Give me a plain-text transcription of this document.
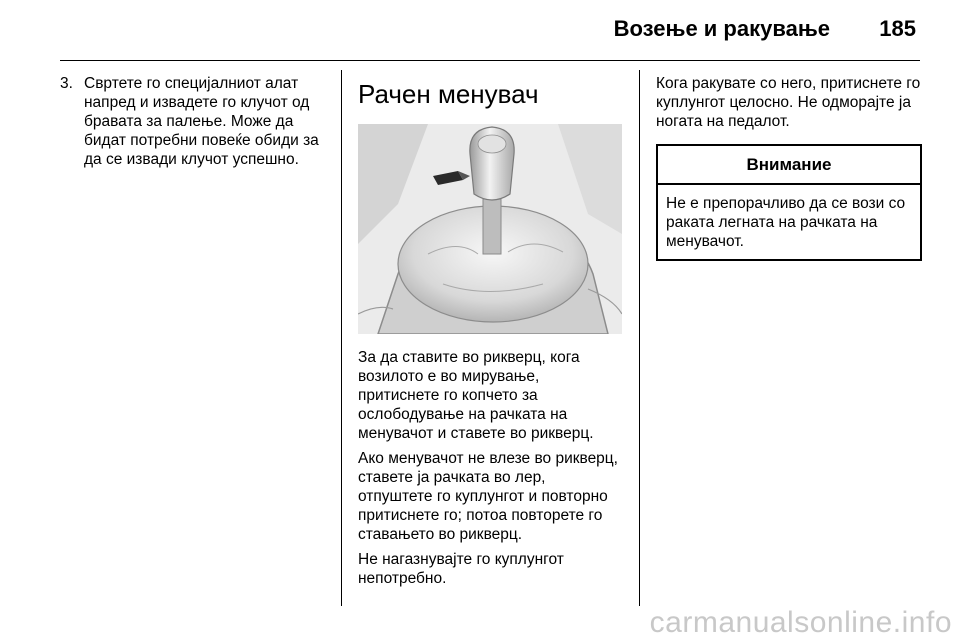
Возење и ракување 185
3. Свртете го специјалниот алат напред и извадете го клучот од бравата за палење. Може да бидат потребни повеќе обиди за да се извади клучот успешно.
Рачен менувач

За да ставите во рикверц, кога возилото е во мирување, притиснете го копчето за ослободување на рачката на менувачот и ставете во рикверц.

Ако менувачот не влезе во рикверц, ставете ја рачката во лер, отпуштете го куплунгот и повторно притиснете го; потоа повторете го ставањето во рикверц.

Не нагазнувајте го куплунгот непотребно.

Кога ракувате со него, притиснете го куплунгот целосно. Не одморајте ја ногата на педалот.

Внимание
Не е препорачливо да се вози со раката легната на рачката на менувачот.
carmanualsonline.info
